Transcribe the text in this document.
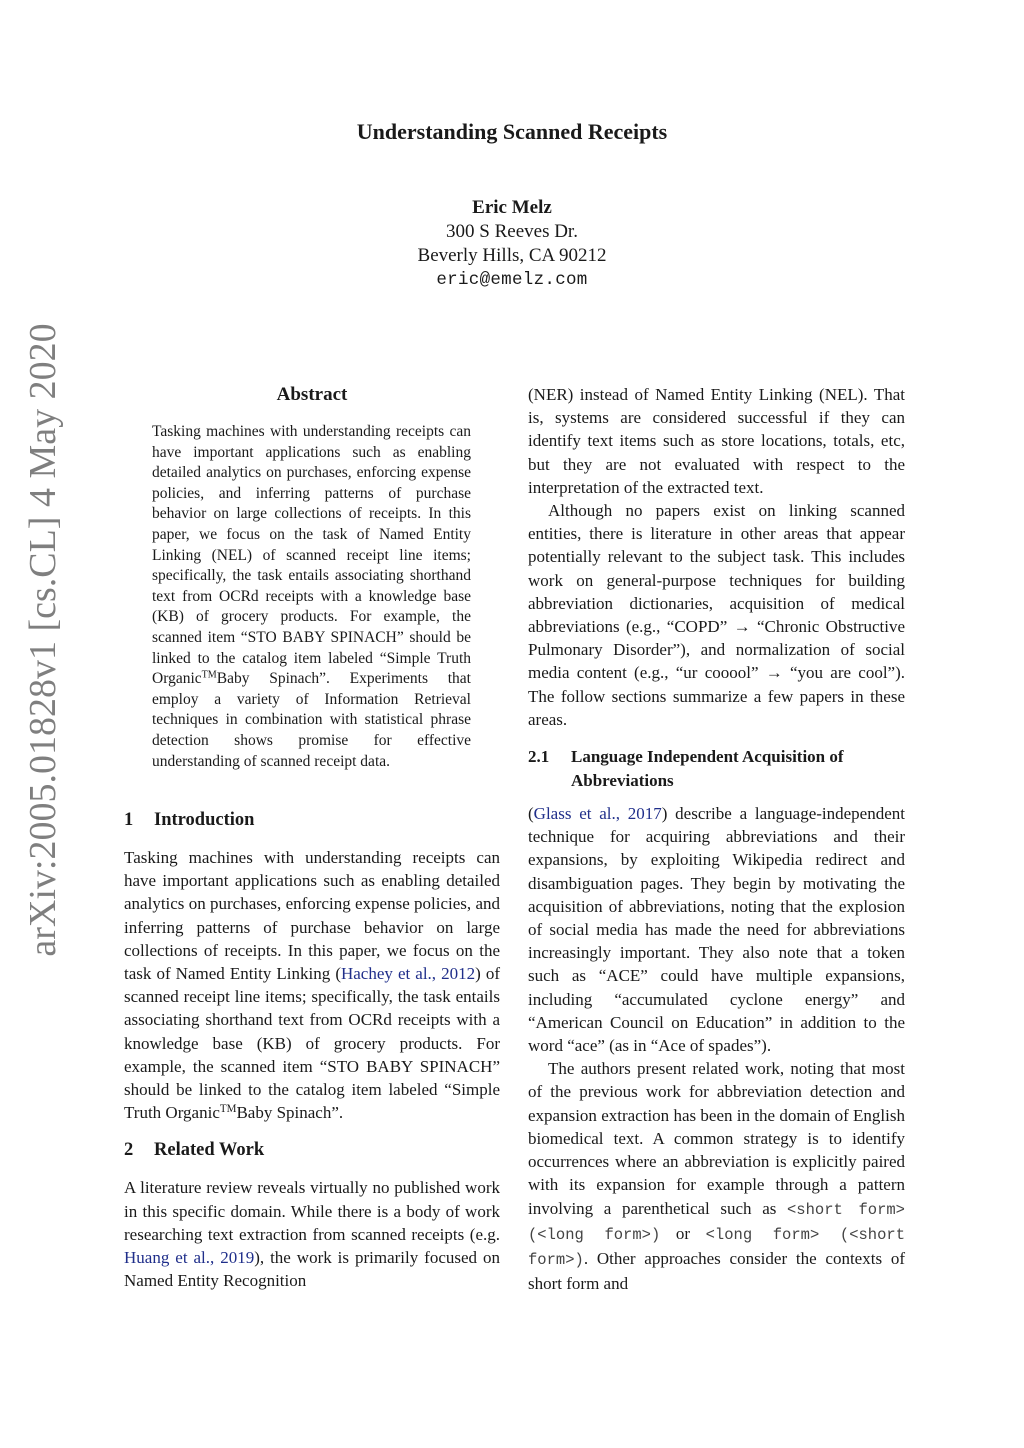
arXiv:2005.01828v1 [cs.CL] 4 May 2020
Understanding Scanned Receipts
Eric Melz
300 S Reeves Dr.
Beverly Hills, CA 90212
eric@emelz.com
Abstract

Tasking machines with understanding receipts can have important applications such as enabling detailed analytics on purchases, enforcing expense policies, and inferring patterns of purchase behavior on large collections of receipts. In this paper, we focus on the task of Named Entity Linking (NEL) of scanned receipt line items; specifically, the task entails associating shorthand text from OCRd receipts with a knowledge base (KB) of grocery products. For example, the scanned item “STO BABY SPINACH” should be linked to the catalog item labeled “Simple Truth Organic™Baby Spinach”. Experiments that employ a variety of Information Retrieval techniques in combination with statistical phrase detection shows promise for effective understanding of scanned receipt data.

1 Introduction

Tasking machines with understanding receipts can have important applications such as enabling detailed analytics on purchases, enforcing expense policies, and inferring patterns of purchase behavior on large collections of receipts. In this paper, we focus on the task of Named Entity Linking (Hachey et al., 2012) of scanned receipt line items; specifically, the task entails associating shorthand text from OCRd receipts with a knowledge base (KB) of grocery products. For example, the scanned item “STO BABY SPINACH” should be linked to the catalog item labeled “Simple Truth Organic™Baby Spinach”.

2 Related Work

A literature review reveals virtually no published work in this specific domain. While there is a body of work researching text extraction from scanned receipts (e.g. Huang et al., 2019), the work is primarily focused on Named Entity Recognition

(NER) instead of Named Entity Linking (NEL). That is, systems are considered successful if they can identify text items such as store locations, totals, etc, but they are not evaluated with respect to the interpretation of the extracted text.

Although no papers exist on linking scanned entities, there is literature in other areas that appear potentially relevant to the subject task. This includes work on general-purpose techniques for building abbreviation dictionaries, acquisition of medical abbreviations (e.g., “COPD” → “Chronic Obstructive Pulmonary Disorder”), and normalization of social media content (e.g., “ur cooool” → “you are cool”). The follow sections summarize a few papers in these areas.

2.1	Language Independent Acquisition of Abbreviations

(Glass et al., 2017) describe a language-independent technique for acquiring abbreviations and their expansions, by exploiting Wikipedia redirect and disambiguation pages. They begin by motivating the acquisition of abbreviations, noting that the explosion of social media has made the need for abbreviations increasingly important. They also note that a token such as “ACE” could have multiple expansions, including “accumulated cyclone energy” and “American Council on Education” in addition to the word “ace” (as in “Ace of spades”).

The authors present related work, noting that most of the previous work for abbreviation detection and expansion extraction has been in the domain of English biomedical text. A common strategy is to identify occurrences where an abbreviation is explicitly paired with its expansion for example through a pattern involving a parenthetical such as <short form> (<long form>) or <long form> (<short form>). Other approaches consider the contexts of short form and
